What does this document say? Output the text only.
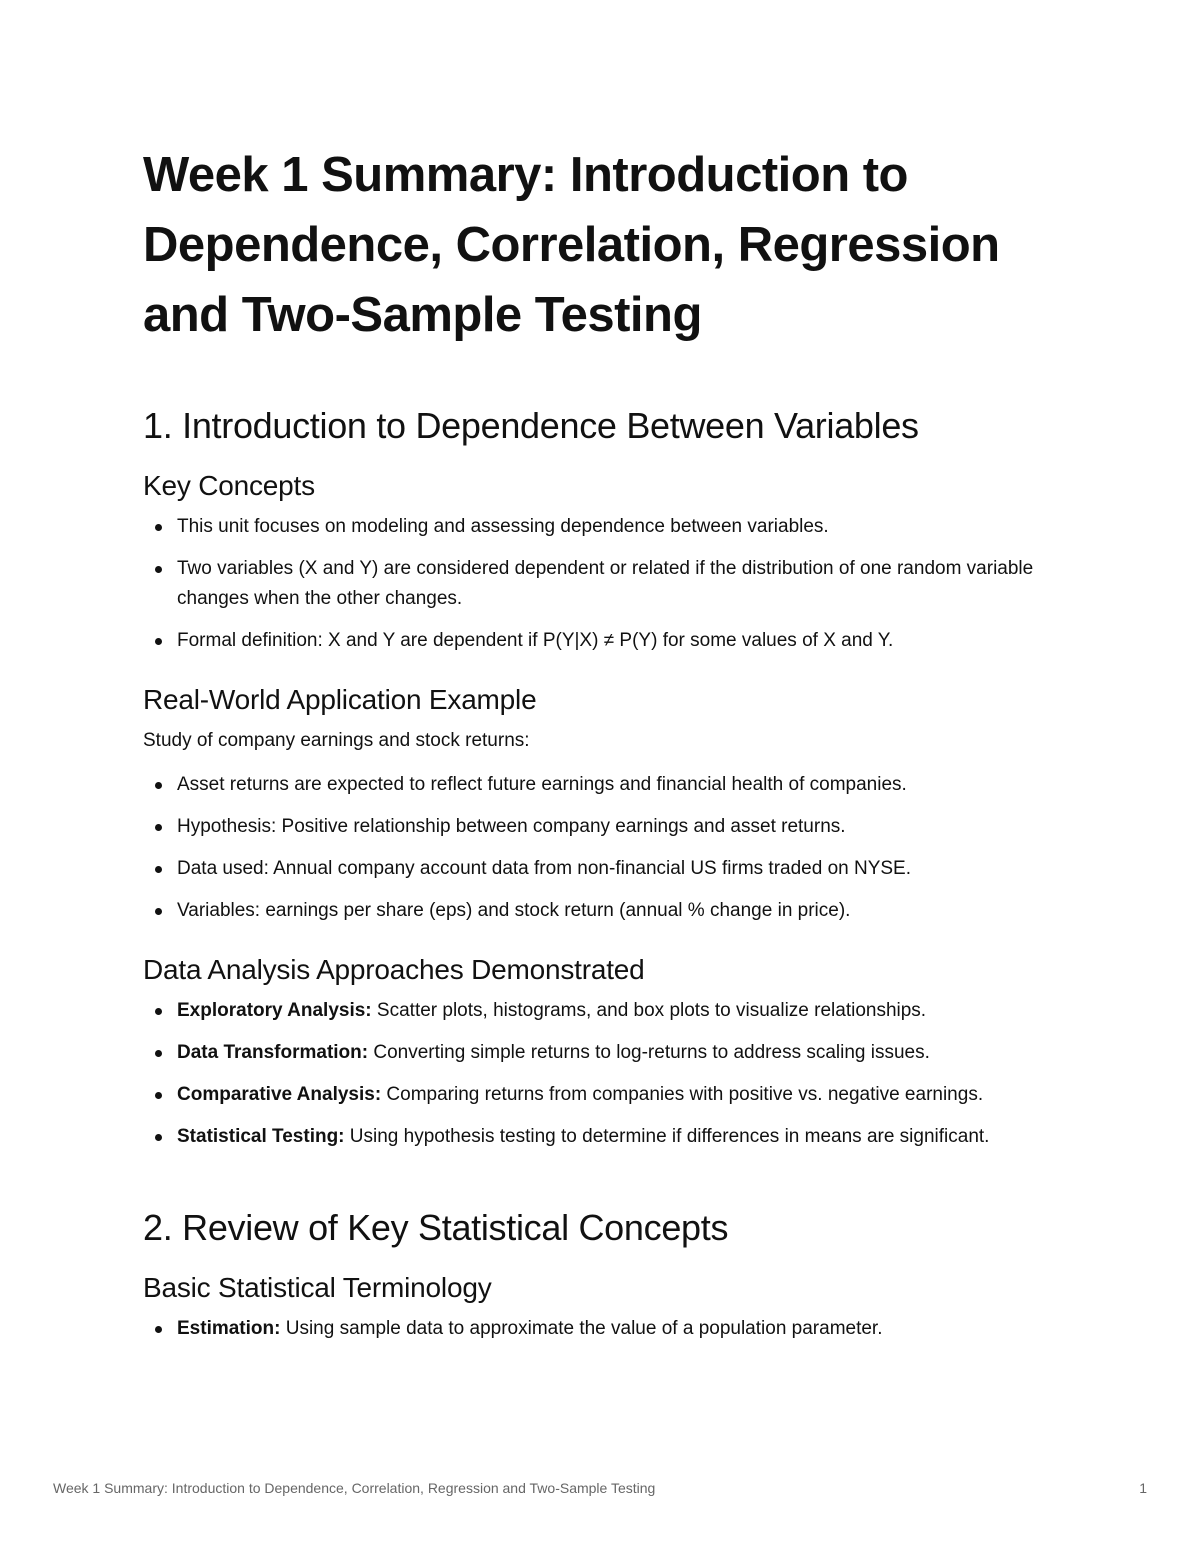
Week 1 Summary: Introduction to Dependence, Correlation, Regression and Two-Sample Testing
1. Introduction to Dependence Between Variables
Key Concepts
This unit focuses on modeling and assessing dependence between variables.
Two variables (X and Y) are considered dependent or related if the distribution of one random variable changes when the other changes.
Formal definition: X and Y are dependent if P(Y|X) ≠ P(Y) for some values of X and Y.
Real-World Application Example

Study of company earnings and stock returns:

Asset returns are expected to reflect future earnings and financial health of companies.
Hypothesis: Positive relationship between company earnings and asset returns.
Data used: Annual company account data from non-financial US firms traded on NYSE.
Variables: earnings per share (eps) and stock return (annual % change in price).
Data Analysis Approaches Demonstrated
Exploratory Analysis: Scatter plots, histograms, and box plots to visualize relationships.
Data Transformation: Converting simple returns to log-returns to address scaling issues.
Comparative Analysis: Comparing returns from companies with positive vs. negative earnings.
Statistical Testing: Using hypothesis testing to determine if differences in means are significant.
2. Review of Key Statistical Concepts
Basic Statistical Terminology
Estimation: Using sample data to approximate the value of a population parameter.
Week 1 Summary: Introduction to Dependence, Correlation, Regression and Two-Sample Testing	1
